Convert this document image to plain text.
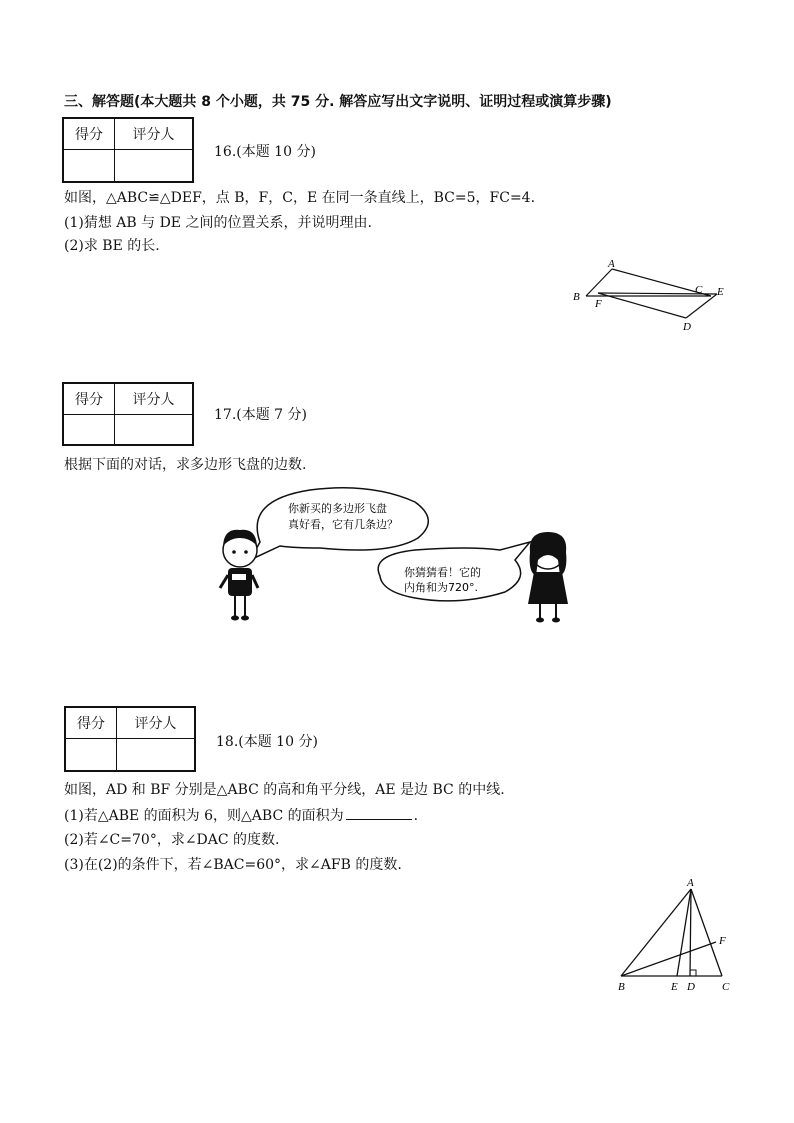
三、解答题(本大题共 8 个小题，共 75 分. 解答应写出文字说明、证明过程或演算步骤)
得分	评分人

16.(本题 10 分)
如图，△ABC≌△DEF，点 B，F，C，E 在同一条直线上，BC=5，FC=4.
(1)猜想 AB 与 DE 之间的位置关系，并说明理由.
(2)求 BE 的长.
A
B
F
C E
D
得分	评分人

17.(本题 7 分)
根据下面的对话，求多边形飞盘的边数.
你新买的多边形飞盘
真好看，它有几条边？
你猜猜看！它的
内角和为720°.
得分	评分人

18.(本题 10 分)
如图，AD 和 BF 分别是△ABC 的高和角平分线，AE 是边 BC 的中线.
(1)若△ABE 的面积为 6，则△ABC 的面积为	.
(2)若∠C=70°，求∠DAC 的度数.
(3)在(2)的条件下，若∠BAC=60°，求∠AFB 的度数.
A
B	E D C
F
